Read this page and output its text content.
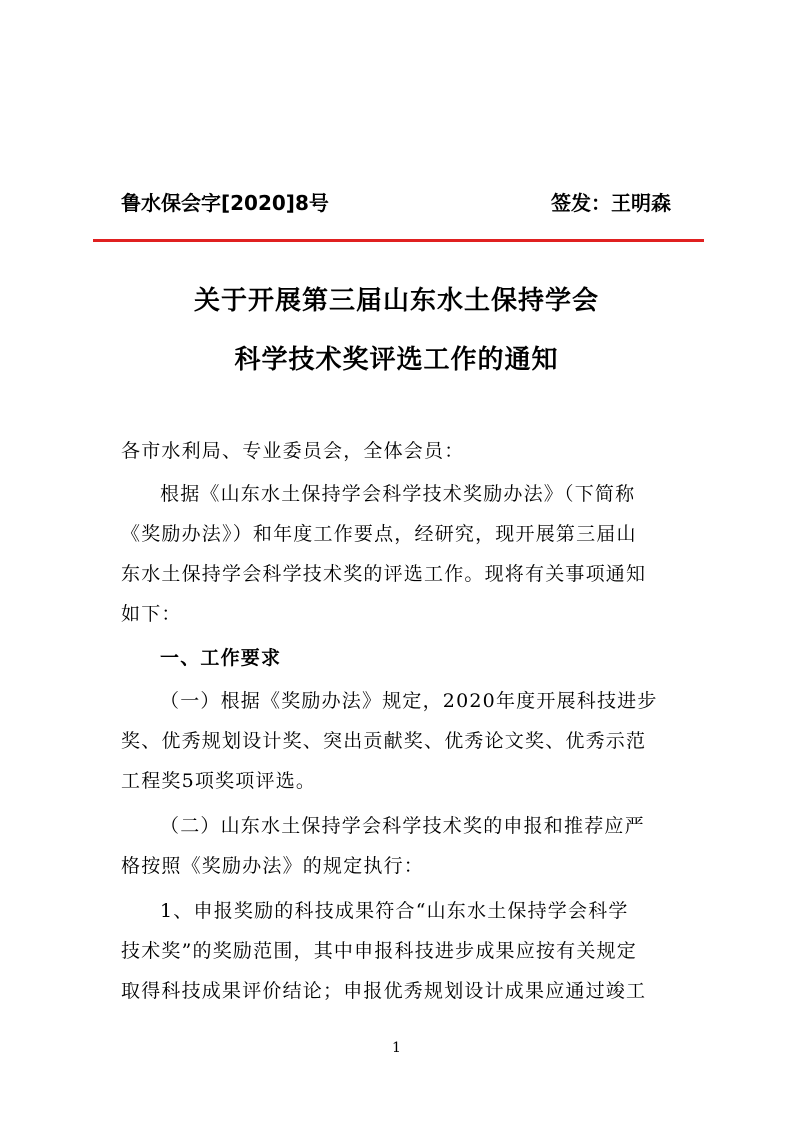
鲁水保会字[2020]8号	签发：王明森
关于开展第三届山东水土保持学会
科学技术奖评选工作的通知
各市水利局、专业委员会，全体会员：
根据《山东水土保持学会科学技术奖励办法》（下简称
《奖励办法》）和年度工作要点，经研究，现开展第三届山
东水土保持学会科学技术奖的评选工作。现将有关事项通知
如下：
一、工作要求
（一）根据《奖励办法》规定，2020年度开展科技进步
奖、优秀规划设计奖、突出贡献奖、优秀论文奖、优秀示范
工程奖5项奖项评选。
（二）山东水土保持学会科学技术奖的申报和推荐应严
格按照《奖励办法》的规定执行：
1、申报奖励的科技成果符合“山东水土保持学会科学
技术奖”的奖励范围，其中申报科技进步成果应按有关规定
取得科技成果评价结论；申报优秀规划设计成果应通过竣工
1
